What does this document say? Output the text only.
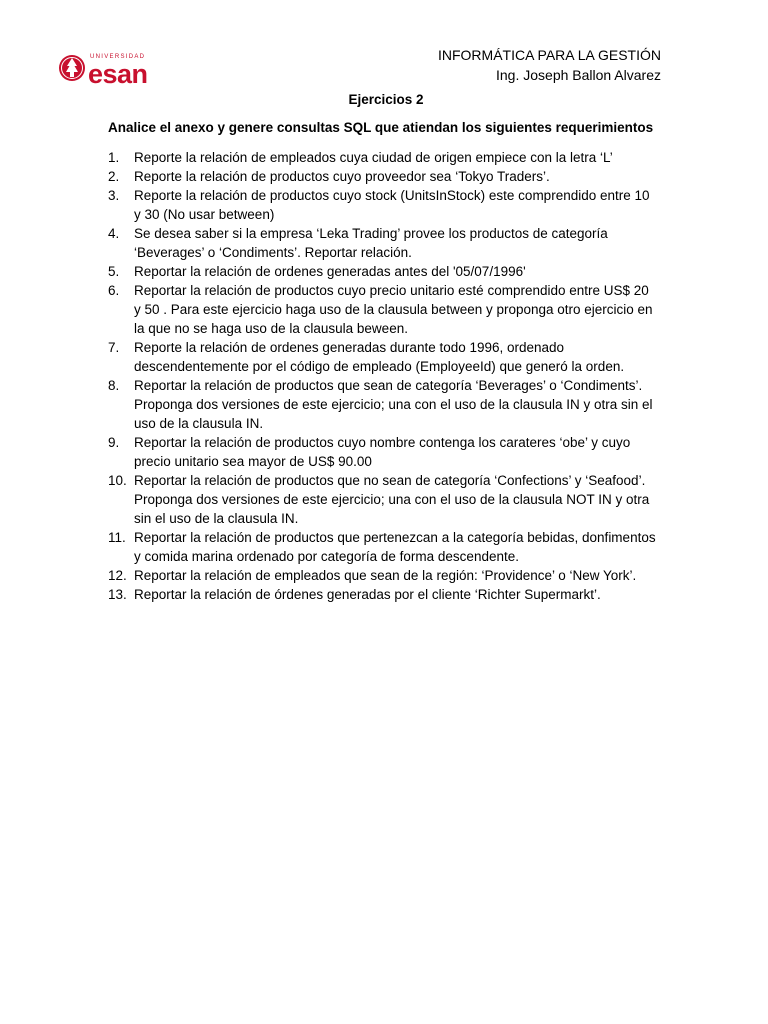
UNIVERSIDAD
esan
INFORMÁTICA PARA LA GESTIÓN
Ing. Joseph Ballon Alvarez
Ejercicios 2
Analice el anexo y genere consultas SQL que atiendan los siguientes requerimientos
1.	Reporte la relación de empleados cuya ciudad de origen empiece con la letra ‘L’
2.	Reporte la relación de productos cuyo proveedor sea ‘Tokyo Traders’.
3.	Reporte la relación de productos cuyo stock (UnitsInStock) este comprendido entre 10 y 30 (No usar between)
4.	Se desea saber si la empresa ‘Leka Trading’ provee los productos de categoría ‘Beverages’ o ‘Condiments’. Reportar relación.
5.	Reportar la relación de ordenes generadas antes del '05/07/1996'
6.	Reportar la relación de productos cuyo precio unitario esté comprendido entre US$ 20 y 50 . Para este ejercicio haga uso de la clausula between y proponga otro ejercicio en la que no se haga uso de la clausula beween.
7.	Reporte la relación de ordenes generadas durante todo 1996, ordenado descendentemente por el código de empleado (EmployeeId) que generó la orden.
8.	Reportar la relación de productos que sean de categoría ‘Beverages’ o ‘Condiments’. Proponga dos versiones de este ejercicio; una con el uso de la clausula IN y otra sin el uso de la clausula IN.
9.	Reportar la relación de productos cuyo nombre contenga los carateres ‘obe’ y cuyo precio unitario sea mayor de US$ 90.00
10. Reportar la relación de productos que no sean de categoría ‘Confections’ y ‘Seafood’. Proponga dos versiones de este ejercicio; una con el uso de la clausula NOT IN y otra sin el uso de la clausula IN.
11. Reportar la relación de productos que pertenezcan a la categoría bebidas, donfimentos y comida marina ordenado por categoría de forma descendente.
12. Reportar la relación de empleados que sean de la región: ‘Providence’ o ‘New York’.
13. Reportar la relación de órdenes generadas por el cliente ‘Richter Supermarkt’.
